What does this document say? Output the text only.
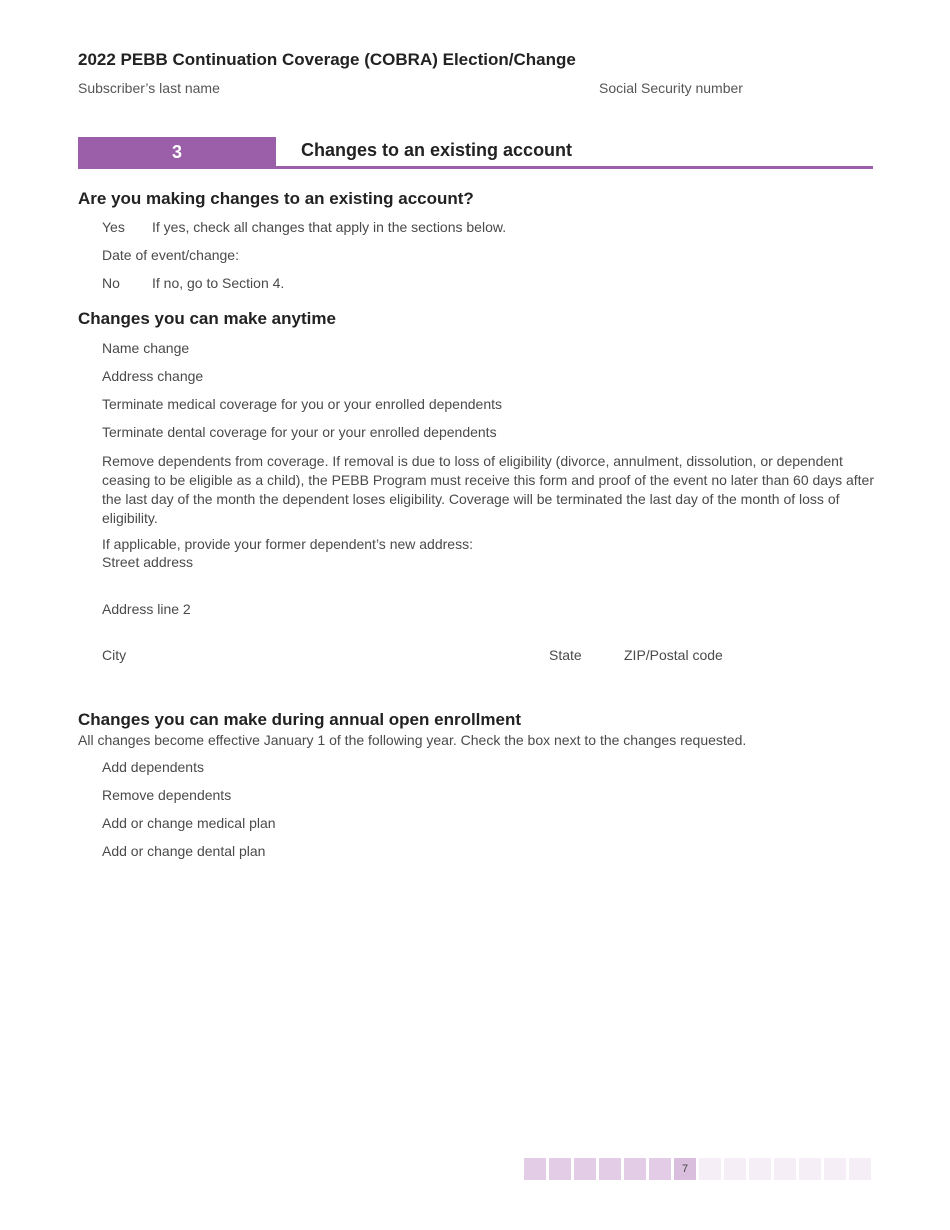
2022 PEBB Continuation Coverage (COBRA) Election/Change
Subscriber’s last name	Social Security number
3	Changes to an existing account
Are you making changes to an existing account?
Yes If yes, check all changes that apply in the sections below.
Date of event/change:
No If no, go to Section 4.
Changes you can make anytime
Name change
Address change
Terminate medical coverage for you or your enrolled dependents
Terminate dental coverage for your or your enrolled dependents
Remove dependents from coverage. If removal is due to loss of eligibility (divorce, annulment, dissolution, or dependent ceasing to be eligible as a child), the PEBB Program must receive this form and proof of the event no later than 60 days after the last day of the month the dependent loses eligibility. Coverage will be terminated the last day of the month of loss of eligibility.
If applicable, provide your former dependent’s new address:
Street address
Address line 2
City	State	ZIP/Postal code
Changes you can make during annual open enrollment
All changes become effective January 1 of the following year. Check the box next to the changes requested.
Add dependents
Remove dependents
Add or change medical plan
Add or change dental plan
7
